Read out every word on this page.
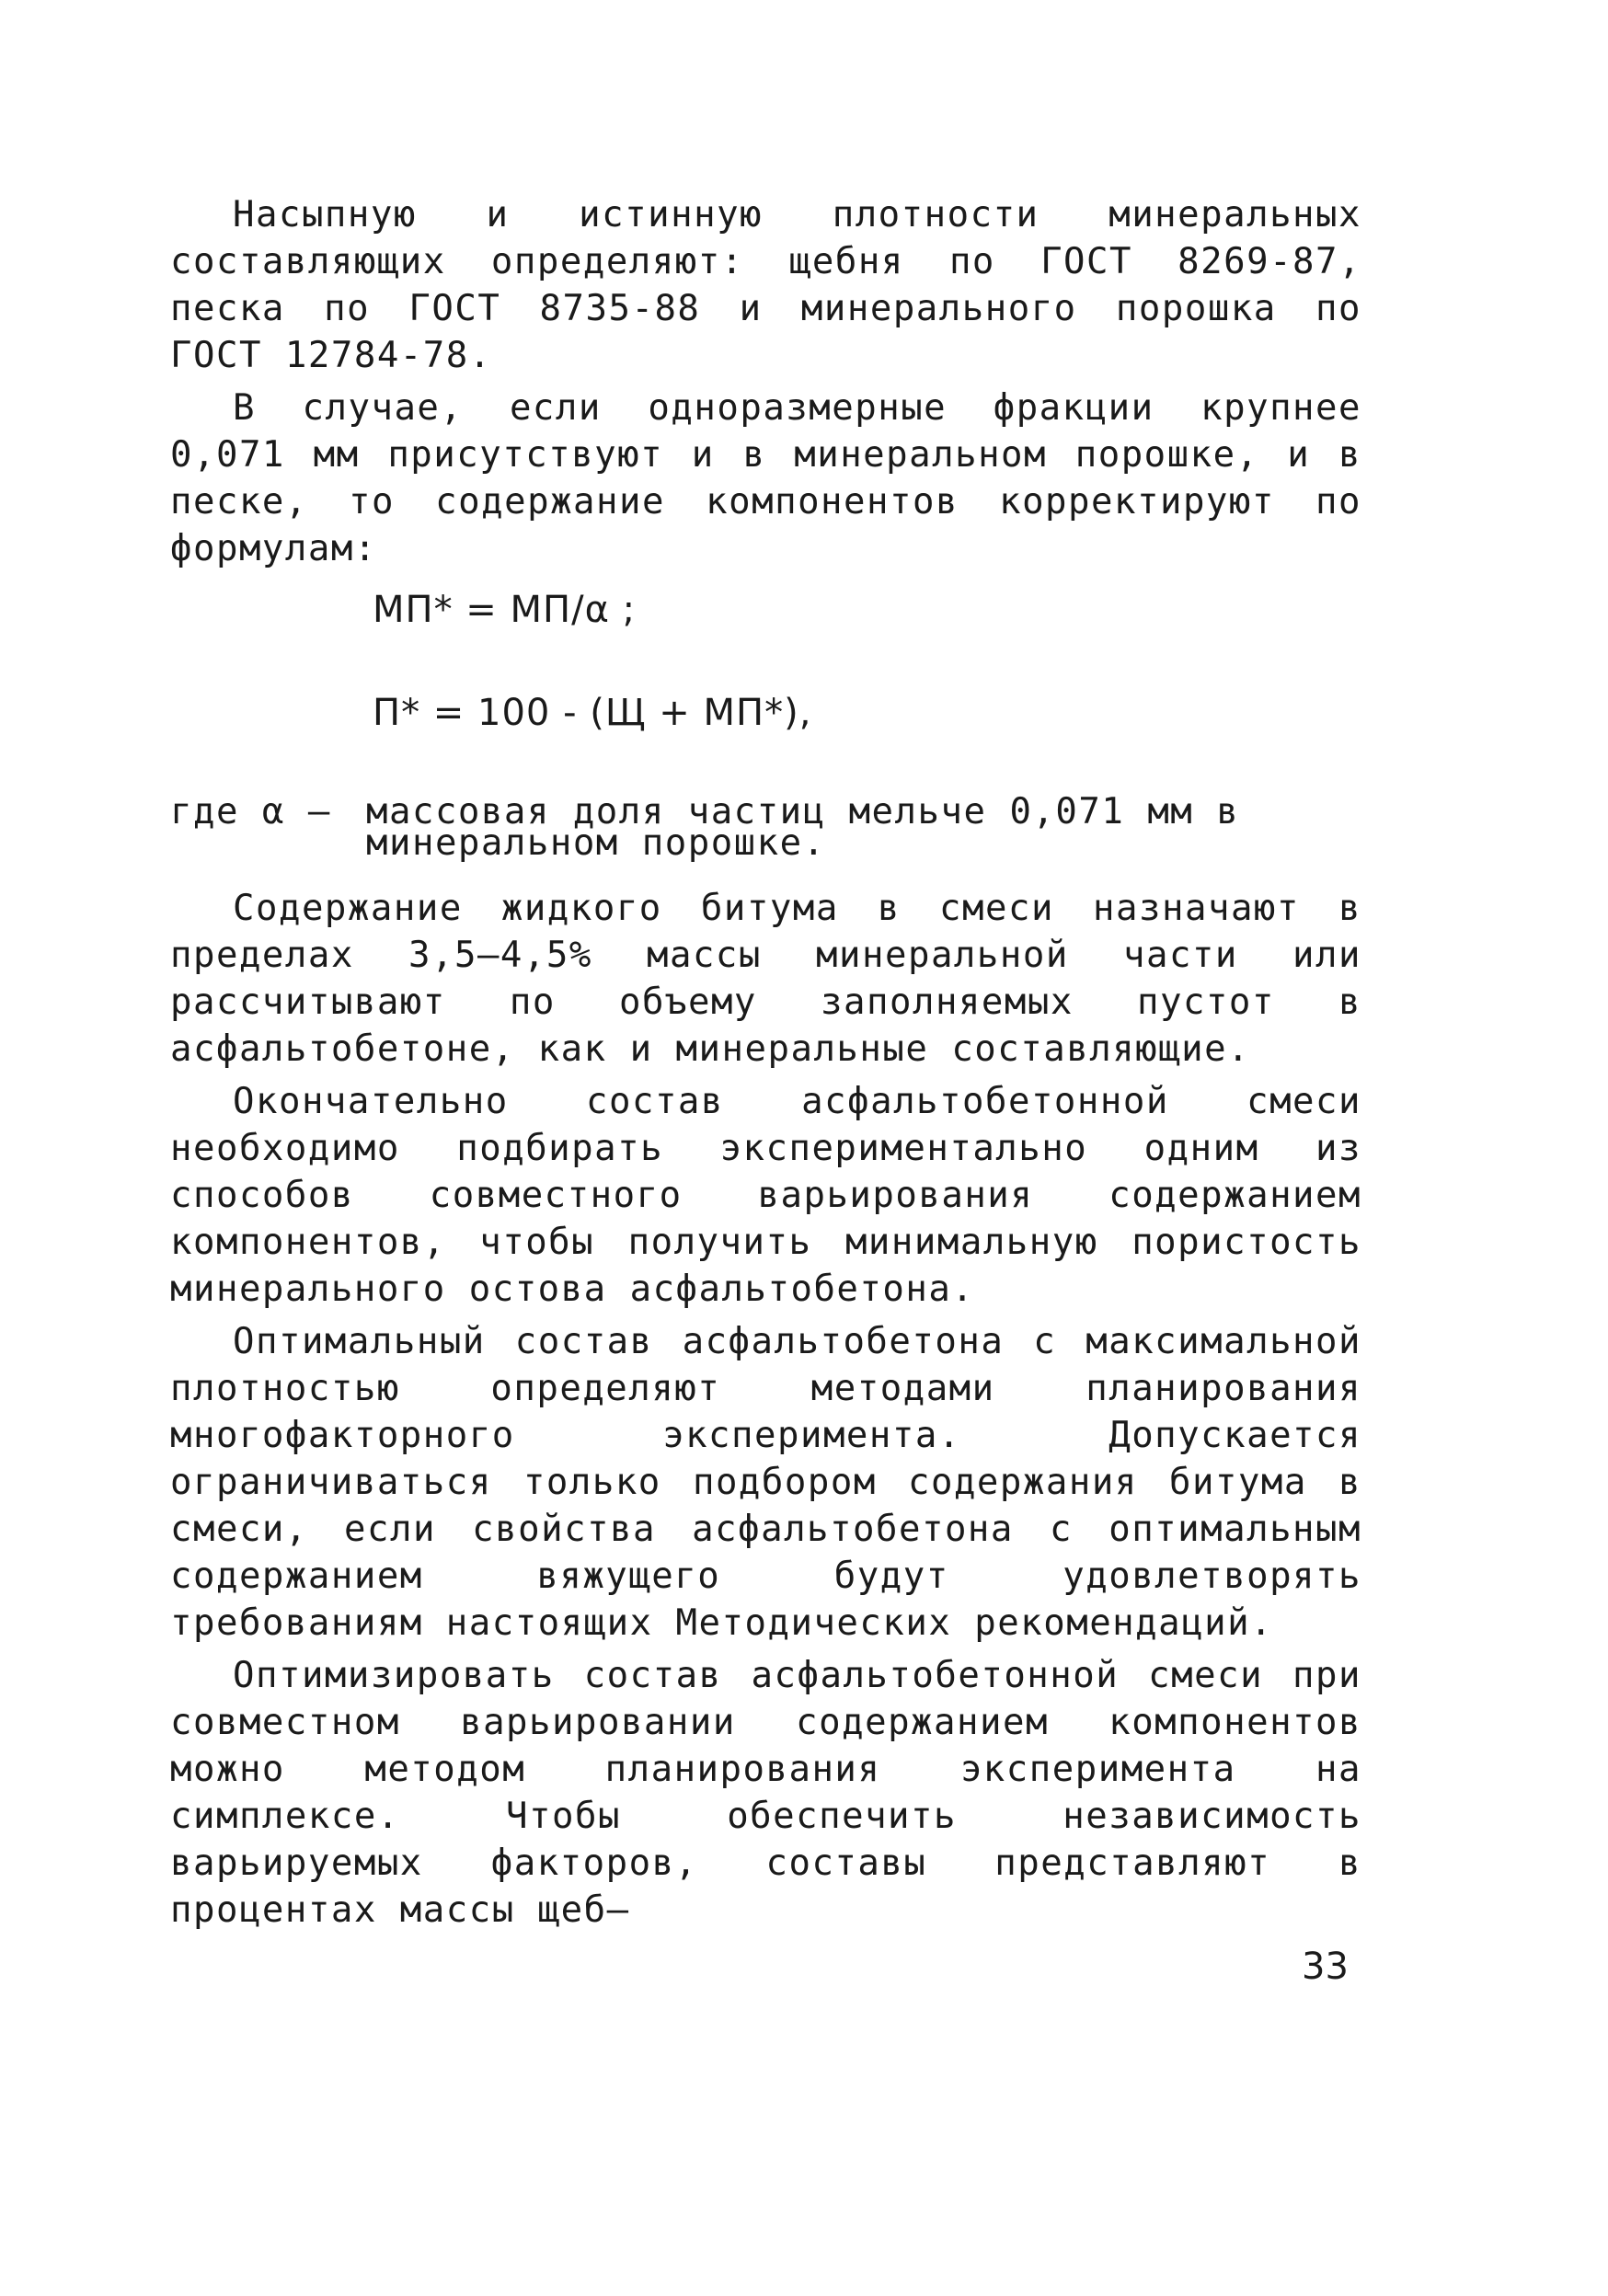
Насыпную и истинную плотности минеральных составляющих определяют: щебня по ГОСТ 8269-87, песка по ГОСТ 8735-88 и минерального порошка по ГОСТ 12784-78.

В случае, если одноразмерные фракции крупнее 0,071 мм присутствуют и в минеральном порошке, и в песке, то содержание компонентов корректируют по формулам:

МП* = МП/α ;
П* = 100 - (Щ + МП*),
где α – массовая доля частиц мельче 0,071 мм в минеральном порошке.

Содержание жидкого битума в смеси назначают в пределах 3,5–4,5% массы минеральной части или рассчитывают по объему заполняемых пустот в асфальтобетоне, как и минеральные составляющие.

Окончательно состав асфальтобетонной смеси необходимо подбирать экспериментально одним из способов совместного варьирования содержанием компонентов, чтобы получить минимальную пористость минерального остова асфальтобетона.

Оптимальный состав асфальтобетона с максимальной плотностью определяют методами планирования многофакторного эксперимента. Допускается ограничиваться только подбором содержания битума в смеси, если свойства асфальтобетона с оптимальным содержанием вяжущего будут удовлетворять требованиям настоящих Методических рекомендаций.

Оптимизировать состав асфальтобетонной смеси при совместном варьировании содержанием компонентов можно методом планирования эксперимента на симплексе. Чтобы обеспечить независимость варьируемых факторов, составы представляют в процентах массы щеб–

33
